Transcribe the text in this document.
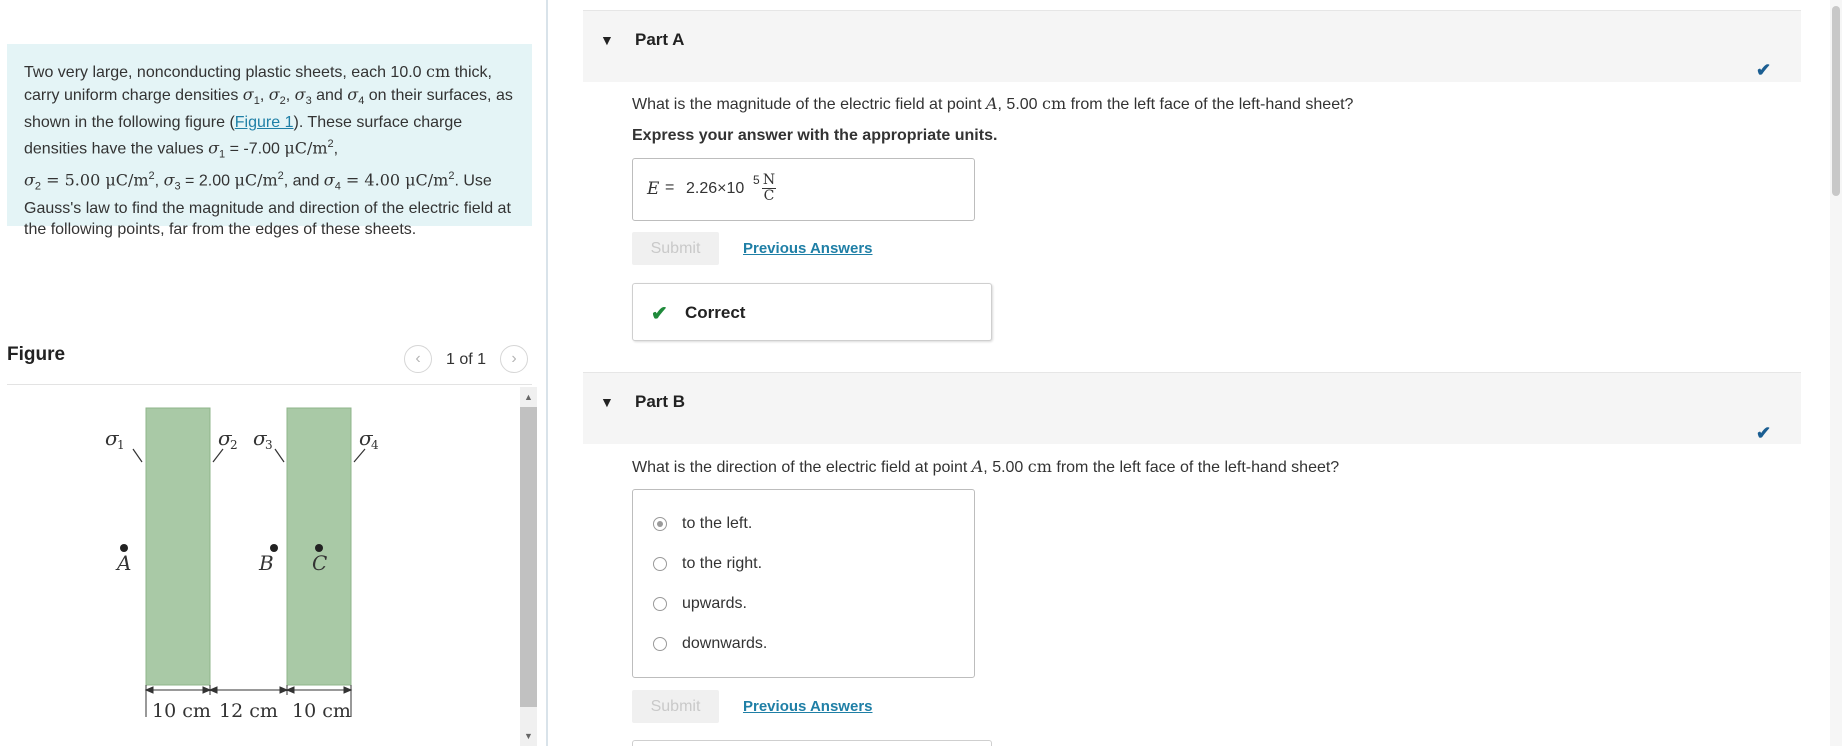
Two very large, nonconducting plastic sheets, each 10.0 cm thick, carry uniform charge densities $\sigma_1$, $\sigma_2$, $\sigma_3$ and $\sigma_4$ on their surfaces, as shown in the following figure (Figure 1). These surface charge densities have the values $\sigma_1 = -7.00$ $\mu C/m^2$,
$\sigma_2 = 5.00$ $\mu C/m^2$, $\sigma_3 = 2.00$ $\mu C/m^2$, and $\sigma_4 = 4.00$ $\mu C/m^2$. Use Gauss's law to find the magnitude and direction of the electric field at the following points, far from the edges of these sheets.
Figure	‹ 1 of 1 ›
σ
1	σ
2 σ
3	σ
4
A	B C
10 cm 12 cm 10 cm
▲
▼
▼ Part A
✔
What is the magnitude of the electric field at point A, 5.00 cm from the left face of the left-hand sheet?
Express your answer with the appropriate units.
E = 2.26×10 5 N
C
Submit	Previous Answers
✔ Correct
▼ Part B
✔
What is the direction of the electric field at point A, 5.00 cm from the left face of the left-hand sheet?
to the left.
to the right.
upwards.
downwards.
Submit	Previous Answers
